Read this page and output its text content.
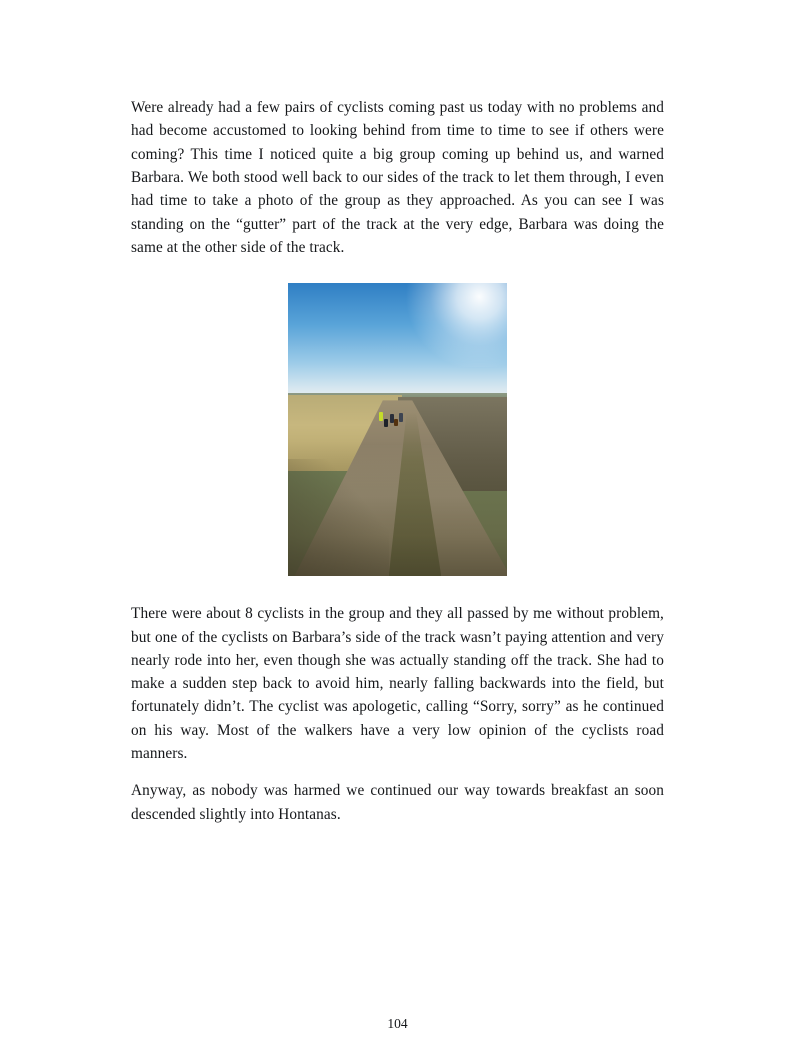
Were already had a few pairs of cyclists coming past us today with no problems and had become accustomed to looking behind from time to time to see if others were coming? This time I noticed quite a big group coming up behind us, and warned Barbara. We both stood well back to our sides of the track to let them through, I even had time to take a photo of the group as they approached. As you can see I was standing on the “gutter” part of the track at the very edge, Barbara was doing the same at the other side of the track.

There were about 8 cyclists in the group and they all passed by me without problem, but one of the cyclists on Barbara’s side of the track wasn’t paying attention and very nearly rode into her, even though she was actually standing off the track. She had to make a sudden step back to avoid him, nearly falling backwards into the field, but fortunately didn’t. The cyclist was apologetic, calling “Sorry, sorry” as he continued on his way. Most of the walkers have a very low opinion of the cyclists road manners.

Anyway, as nobody was harmed we continued our way towards breakfast an soon descended slightly into Hontanas.

104
